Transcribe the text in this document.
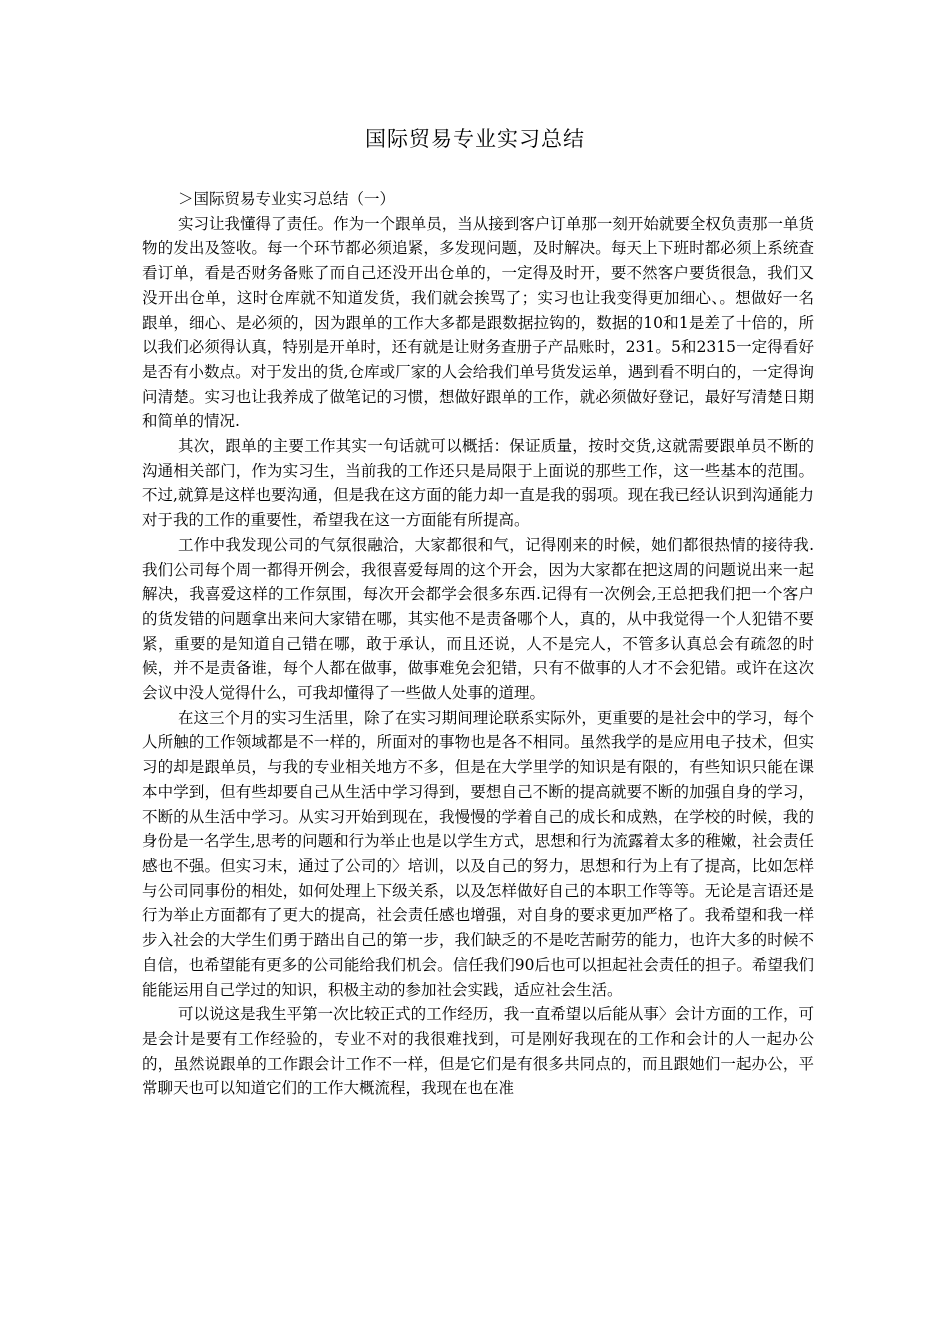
国际贸易专业实习总结

＞国际贸易专业实习总结（一）

实习让我懂得了责任。作为一个跟单员，当从接到客户订单那一刻开始就要全权负责那一单货物的发出及签收。每一个环节都必须追紧，多发现问题，及时解决。每天上下班时都必须上系统查看订单，看是否财务备账了而自己还没开出仓单的，一定得及时开，要不然客户要货很急，我们又没开出仓单，这时仓库就不知道发货，我们就会挨骂了；实习也让我变得更加细心、。想做好一名跟单，细心、是必须的，因为跟单的工作大多都是跟数据拉钩的，数据的10和1是差了十倍的，所以我们必须得认真，特别是开单时，还有就是让财务查册子产品账时，231。5和2315一定得看好是否有小数点。对于发出的货,仓库或厂家的人会给我们单号货发运单，遇到看不明白的，一定得询问清楚。实习也让我养成了做笔记的习惯，想做好跟单的工作，就必须做好登记，最好写清楚日期和简单的情况.

其次，跟单的主要工作其实一句话就可以概括：保证质量，按时交货,这就需要跟单员不断的沟通相关部门，作为实习生，当前我的工作还只是局限于上面说的那些工作，这一些基本的范围。不过,就算是这样也要沟通，但是我在这方面的能力却一直是我的弱项。现在我已经认识到沟通能力对于我的工作的重要性，希望我在这一方面能有所提高。

工作中我发现公司的气氛很融洽，大家都很和气，记得刚来的时候，她们都很热情的接待我.我们公司每个周一都得开例会，我很喜爱每周的这个开会，因为大家都在把这周的问题说出来一起解决，我喜爱这样的工作氛围，每次开会都学会很多东西.记得有一次例会,王总把我们把一个客户的货发错的问题拿出来问大家错在哪，其实他不是责备哪个人，真的，从中我觉得一个人犯错不要紧，重要的是知道自己错在哪，敢于承认，而且还说，人不是完人，不管多认真总会有疏忽的时候，并不是责备谁，每个人都在做事，做事难免会犯错，只有不做事的人才不会犯错。或许在这次会议中没人觉得什么，可我却懂得了一些做人处事的道理。

在这三个月的实习生活里，除了在实习期间理论联系实际外，更重要的是社会中的学习，每个人所触的工作领域都是不一样的，所面对的事物也是各不相同。虽然我学的是应用电子技术，但实习的却是跟单员，与我的专业相关地方不多，但是在大学里学的知识是有限的，有些知识只能在课本中学到，但有些却要自己从生活中学习得到，要想自己不断的提高就要不断的加强自身的学习，不断的从生活中学习。从实习开始到现在，我慢慢的学着自己的成长和成熟，在学校的时候，我的身份是一名学生,思考的问题和行为举止也是以学生方式，思想和行为流露着太多的稚嫩，社会责任感也不强。但实习末，通过了公司的〉培训，以及自己的努力，思想和行为上有了提高，比如怎样与公司同事份的相处，如何处理上下级关系，以及怎样做好自己的本职工作等等。无论是言语还是行为举止方面都有了更大的提高，社会责任感也增强，对自身的要求更加严格了。我希望和我一样步入社会的大学生们勇于踏出自己的第一步，我们缺乏的不是吃苦耐劳的能力，也许大多的时候不自信，也希望能有更多的公司能给我们机会。信任我们90后也可以担起社会责任的担子。希望我们能能运用自己学过的知识，积极主动的参加社会实践，适应社会生活。

可以说这是我生平第一次比较正式的工作经历，我一直希望以后能从事〉会计方面的工作，可是会计是要有工作经验的，专业不对的我很难找到，可是刚好我现在的工作和会计的人一起办公的，虽然说跟单的工作跟会计工作不一样，但是它们是有很多共同点的，而且跟她们一起办公，平常聊天也可以知道它们的工作大概流程，我现在也在准
